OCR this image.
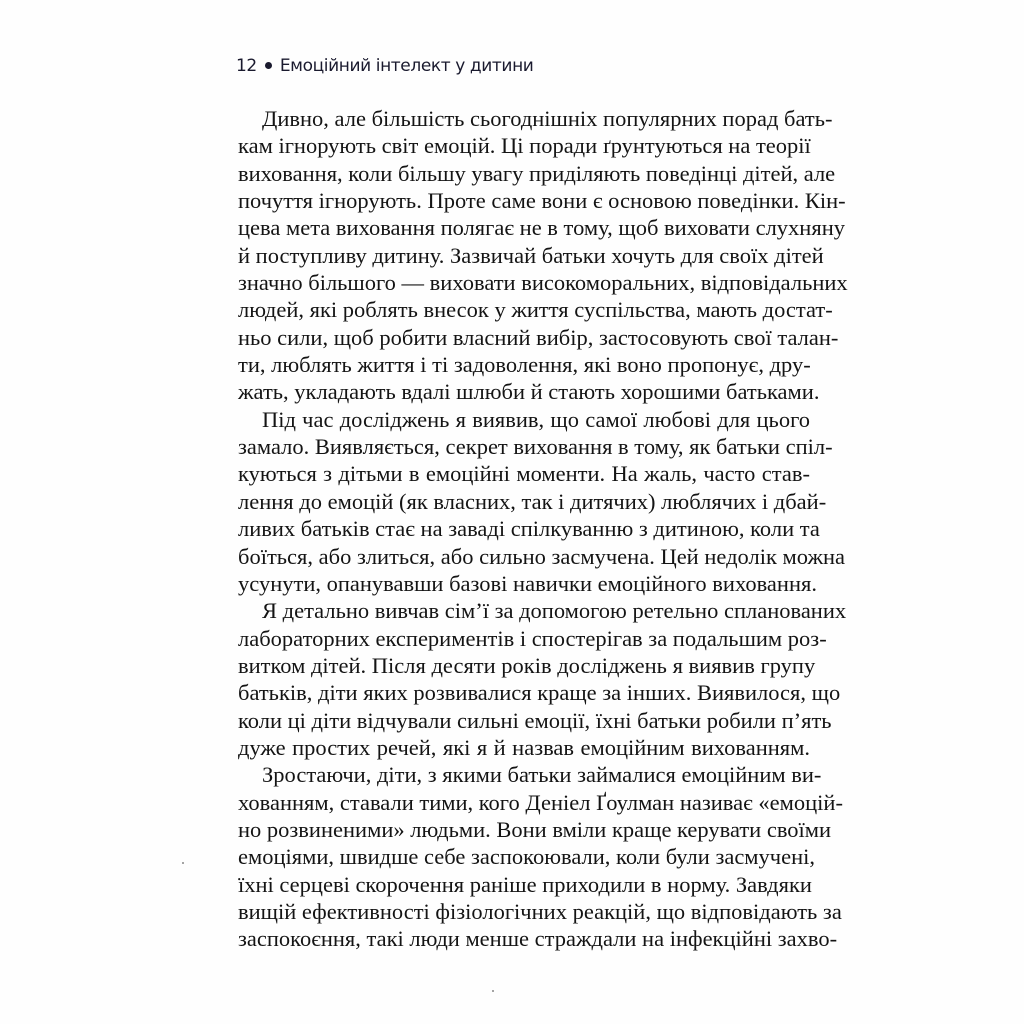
12 Емоційний інтелект у дитини
Дивно, але більшість сьогоднішніх популярних порад бать-
кам ігнорують світ емоцій. Ці поради ґрунтуються на теорії
виховання, коли більшу увагу приділяють поведінці дітей, але
почуття ігнорують. Проте саме вони є основою поведінки. Кін-
цева мета виховання полягає не в тому, щоб виховати слухняну
й поступливу дитину. Зазвичай батьки хочуть для своїх дітей
значно більшого — виховати високоморальних, відповідальних
людей, які роблять внесок у життя суспільства, мають достат-
ньо сили, щоб робити власний вибір, застосовують свої талан-
ти, люблять життя і ті задоволення, які воно пропонує, дру-
жать, укладають вдалі шлюби й стають хорошими батьками.
Під час досліджень я виявив, що самої любові для цього
замало. Виявляється, секрет виховання в тому, як батьки спіл-
куються з дітьми в емоційні моменти. На жаль, часто став-
лення до емоцій (як власних, так і дитячих) люблячих і дбай-
ливих батьків стає на заваді спілкуванню з дитиною, коли та
боїться, або злиться, або сильно засмучена. Цей недолік можна
усунути, опанувавши базові навички емоційного виховання.
Я детально вивчав сім’ї за допомогою ретельно спланованих
лабораторних експериментів і спостерігав за подальшим роз-
витком дітей. Після десяти років досліджень я виявив групу
батьків, діти яких розвивалися краще за інших. Виявилося, що
коли ці діти відчували сильні емоції, їхні батьки робили п’ять
дуже простих речей, які я й назвав емоційним вихованням.
Зростаючи, діти, з якими батьки займалися емоційним ви-
хованням, ставали тими, кого Деніел Ґоулман називає «емоцій-
но розвиненими» людьми. Вони вміли краще керувати своїми
емоціями, швидше себе заспокоювали, коли були засмучені,
їхні серцеві скорочення раніше приходили в норму. Завдяки
вищій ефективності фізіологічних реакцій, що відповідають за
заспокоєння, такі люди менше страждали на інфекційні захво-
